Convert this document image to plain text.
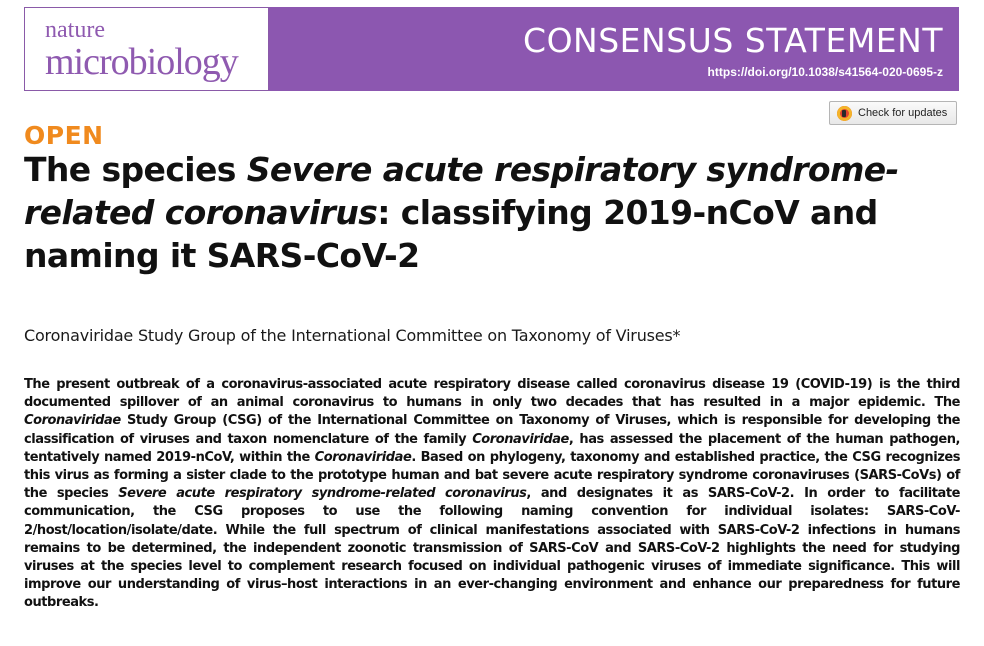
nature
microbiology
CONSENSUS STATEMENT
https://doi.org/10.1038/s41564-020-0695-z
Check for updates
OPEN
The species Severe acute respiratory syndrome-related coronavirus: classifying 2019-nCoV and naming it SARS-CoV-2
Coronaviridae Study Group of the International Committee on Taxonomy of Viruses*
The present outbreak of a coronavirus-associated acute respiratory disease called coronavirus disease 19 (COVID-19) is the third documented spillover of an animal coronavirus to humans in only two decades that has resulted in a major epidemic. The Coronaviridae Study Group (CSG) of the International Committee on Taxonomy of Viruses, which is responsible for developing the classification of viruses and taxon nomenclature of the family Coronaviridae, has assessed the placement of the human pathogen, tentatively named 2019-nCoV, within the Coronaviridae. Based on phylogeny, taxonomy and established practice, the CSG recognizes this virus as forming a sister clade to the prototype human and bat severe acute respiratory syndrome coronaviruses (SARS-CoVs) of the species Severe acute respiratory syndrome-related coronavirus, and designates it as SARS-CoV-2. In order to facilitate communication, the CSG proposes to use the following naming convention for individual isolates: SARS-CoV-2/host/location/isolate/date. While the full spectrum of clinical manifestations associated with SARS-CoV-2 infections in humans remains to be determined, the independent zoonotic transmission of SARS-CoV and SARS-CoV-2 highlights the need for studying viruses at the species level to complement research focused on individual pathogenic viruses of immediate significance. This will improve our understanding of virus–host interactions in an ever-changing environment and enhance our preparedness for future outbreaks.
